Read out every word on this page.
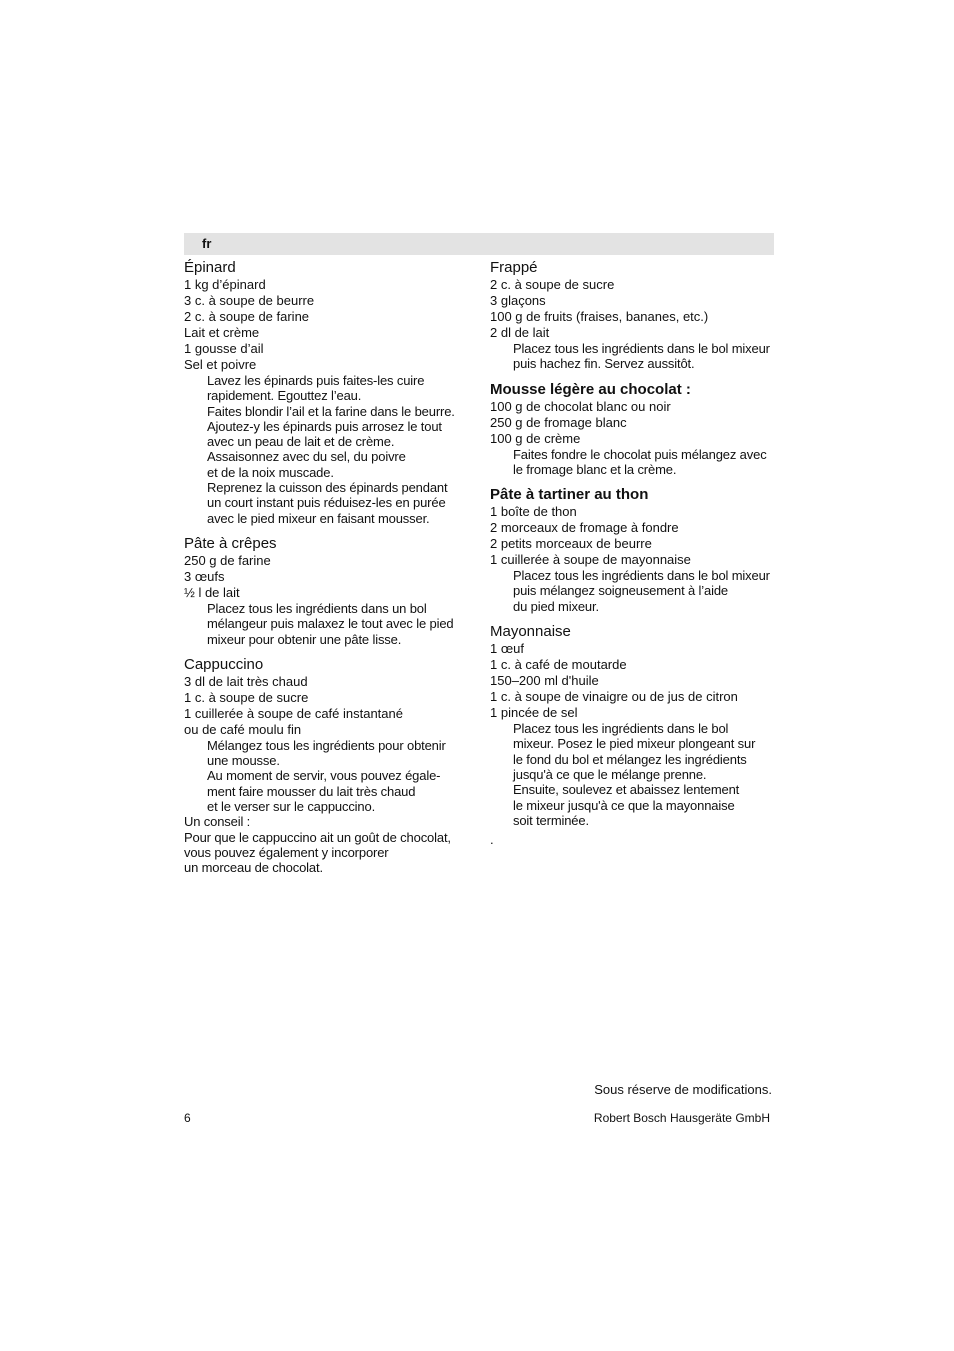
fr
Épinard
1 kg d’épinard
3 c. à soupe de beurre
2 c. à soupe de farine
Lait et crème
1 gousse d’ail
Sel et poivre
Lavez les épinards puis faites-les cuire
rapidement. Egouttez l’eau.
Faites blondir l’ail et la farine dans le beurre.
Ajoutez-y les épinards puis arrosez le tout
avec un peau de lait et de crème.
Assaisonnez avec du sel, du poivre
et de la noix muscade.
Reprenez la cuisson des épinards pendant
un court instant puis réduisez-les en purée
avec le pied mixeur en faisant mousser.
Pâte à crêpes
250 g de farine
3 œufs
½ l de lait
Placez tous les ingrédients dans un bol
mélangeur puis malaxez le tout avec le pied
mixeur pour obtenir une pâte lisse.
Cappuccino
3 dl de lait très chaud
1 c. à soupe de sucre
1 cuillerée à soupe de café instantané
ou de café moulu fin
Mélangez tous les ingrédients pour obtenir
une mousse.
Au moment de servir, vous pouvez égale-
ment faire mousser du lait très chaud
et le verser sur le cappuccino.
Un conseil :
Pour que le cappuccino ait un goût de chocolat,
vous pouvez également y incorporer
un morceau de chocolat.
Frappé
2 c. à soupe de sucre
3 glaçons
100 g de fruits (fraises, bananes, etc.)
2 dl de lait
Placez tous les ingrédients dans le bol mixeur
puis hachez fin. Servez aussitôt.
Mousse légère au chocolat :
100 g de chocolat blanc ou noir
250 g de fromage blanc
100 g de crème
Faites fondre le chocolat puis mélangez avec
le fromage blanc et la crème.
Pâte à tartiner au thon
1 boîte de thon
2 morceaux de fromage à fondre
2 petits morceaux de beurre
1 cuillerée à soupe de mayonnaise
Placez tous les ingrédients dans le bol mixeur
puis mélangez soigneusement à l’aide
du pied mixeur.
Mayonnaise
1 œuf
1 c. à café de moutarde
150–200 ml d'huile
1 c. à soupe de vinaigre ou de jus de citron
1 pincée de sel
Placez tous les ingrédients dans le bol
mixeur. Posez le pied mixeur plongeant sur
le fond du bol et mélangez les ingrédients
jusqu'à ce que le mélange prenne.
Ensuite, soulevez et abaissez lentement
le mixeur jusqu'à ce que la mayonnaise
soit terminée.
.
Sous réserve de modifications.
6	Robert Bosch Hausgeräte GmbH
